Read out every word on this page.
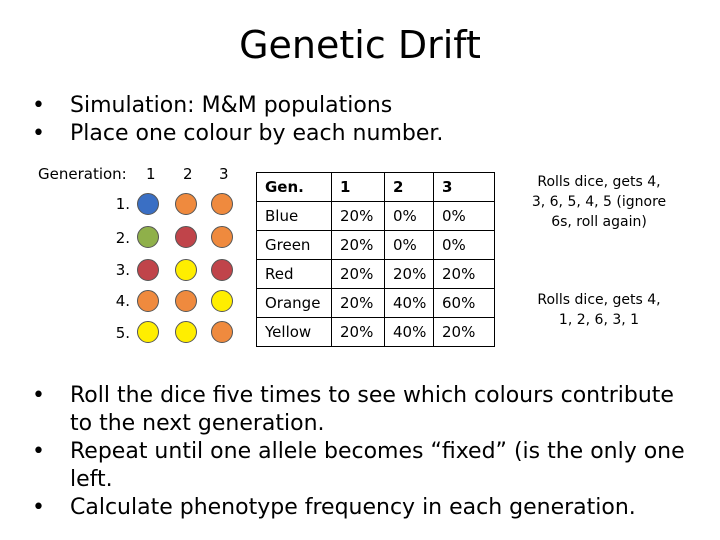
Genetic Drift
• Simulation: M&M populations
• Place one colour by each number.
Generation: 1 2 3
1.
2.
3.
4.
5.
Gen.	1	2	3
Blue	20%	0%	0%
Green	20%	0%	0%
Red	20%	20%	20%
Orange	20%	40%	60%
Yellow	20%	40%	20%
Rolls dice, gets 4, 3, 6, 5, 4, 5 (ignore 6s, roll again)
Rolls dice, gets 4, 1, 2, 6, 3, 1
• Roll the dice five times to see which colours contribute to the next generation.
• Repeat until one allele becomes “fixed” (is the only one left.
• Calculate phenotype frequency in each generation.
